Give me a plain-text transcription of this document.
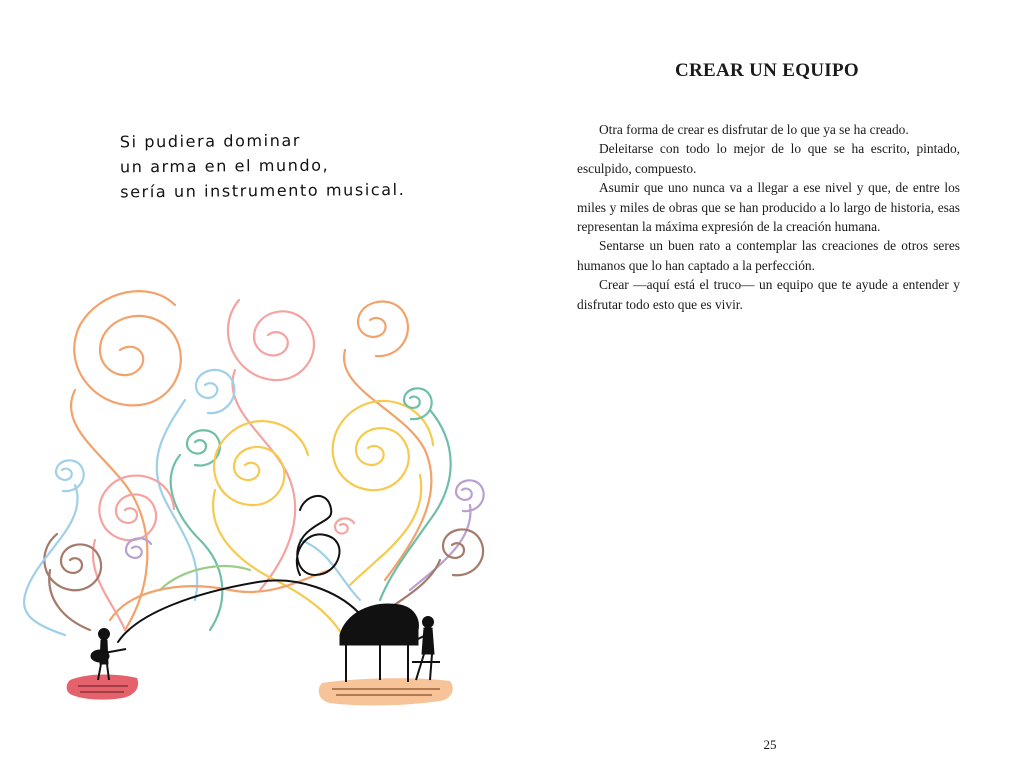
Si pudiera dominar
un arma en el mundo,
sería un instrumento musical.
CREAR UN EQUIPO

Otra forma de crear es disfrutar de lo que ya se ha creado.

Deleitarse con todo lo mejor de lo que se ha escrito, pintado, esculpido, compuesto.

Asumir que uno nunca va a llegar a ese nivel y que, de entre los miles y miles de obras que se han producido a lo largo de historia, esas representan la máxima expresión de la creación humana.

Sentarse un buen rato a contemplar las creaciones de otros seres humanos que lo han captado a la perfección.

Crear —aquí está el truco— un equipo que te ayude a entender y disfrutar todo esto que es vivir.

25
